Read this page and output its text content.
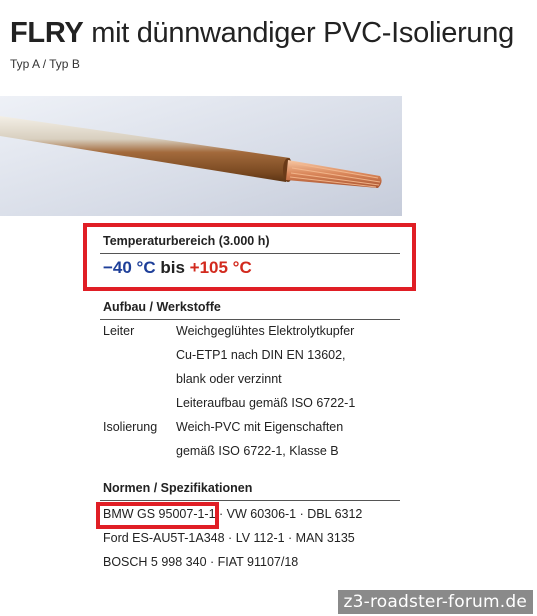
FLRY mit dünnwandiger PVC-Isolierung
Typ A / Typ B
Temperaturbereich (3.000 h)
−40 °C bis +105 °C
Aufbau / Werkstoffe
Leiter	Weichgeglühtes Elektrolytkupfer
Cu-ETP1 nach DIN EN 13602,
blank oder verzinnt
Leiteraufbau gemäß ISO 6722-1
Isolierung Weich-PVC mit Eigenschaften
gemäß ISO 6722-1, Klasse B
Normen / Spezifikationen
BMW GS 95007-1-1 · VW 60306-1 · DBL 6312
Ford ES-AU5T-1A348 · LV 112-1 · MAN 3135
BOSCH 5 998 340 · FIAT 91107/18
z3-roadster-forum.de
